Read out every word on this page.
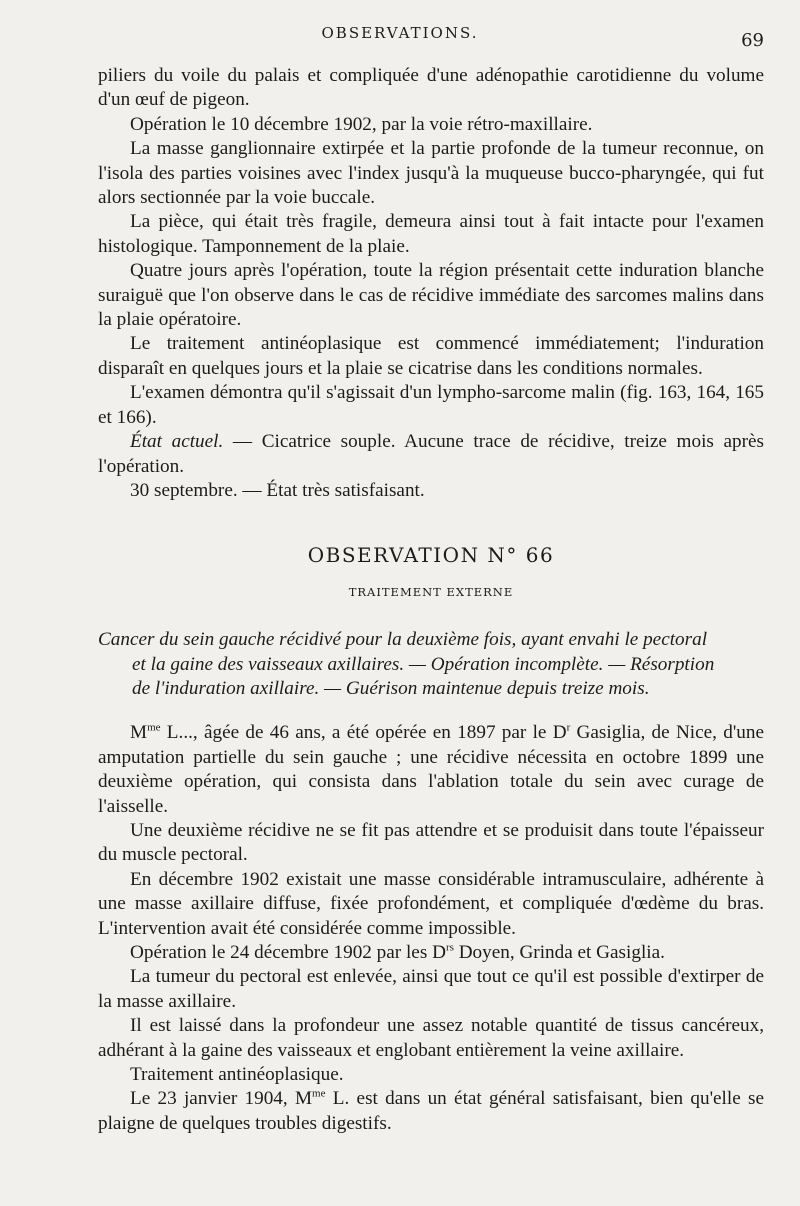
OBSERVATIONS.	69

piliers du voile du palais et compliquée d'une adénopathie carotidienne du volume d'un œuf de pigeon.

Opération le 10 décembre 1902, par la voie rétro-maxillaire.

La masse ganglionnaire extirpée et la partie profonde de la tumeur reconnue, on l'isola des parties voisines avec l'index jusqu'à la muqueuse bucco-pharyngée, qui fut alors sectionnée par la voie buccale.

La pièce, qui était très fragile, demeura ainsi tout à fait intacte pour l'examen histologique. Tamponnement de la plaie.

Quatre jours après l'opération, toute la région présentait cette induration blanche suraiguë que l'on observe dans le cas de récidive immédiate des sarcomes malins dans la plaie opératoire.

Le traitement antinéoplasique est commencé immédiatement; l'induration disparaît en quelques jours et la plaie se cicatrise dans les conditions normales.

L'examen démontra qu'il s'agissait d'un lympho-sarcome malin (fig. 163, 164, 165 et 166).

État actuel. — Cicatrice souple. Aucune trace de récidive, treize mois après l'opération.

30 septembre. — État très satisfaisant.

OBSERVATION N° 66

TRAITEMENT EXTERNE

Cancer du sein gauche récidivé pour la deuxième fois, ayant envahi le pectoral

et la gaine des vaisseaux axillaires. — Opération incomplète. — Résorption

de l'induration axillaire. — Guérison maintenue depuis treize mois.

$M^{me}$ L..., âgée de 46 ans, a été opérée en 1897 par le $D^r$ Gasiglia, de Nice, d'une amputation partielle du sein gauche ; une récidive nécessita en octobre 1899 une deuxième opération, qui consista dans l'ablation totale du sein avec curage de l'aisselle.

Une deuxième récidive ne se fit pas attendre et se produisit dans toute l'épaisseur du muscle pectoral.

En décembre 1902 existait une masse considérable intramusculaire, adhérente à une masse axillaire diffuse, fixée profondément, et compliquée d'œdème du bras. L'intervention avait été considérée comme impossible.

Opération le 24 décembre 1902 par les $D^{rs}$ Doyen, Grinda et Gasiglia.

La tumeur du pectoral est enlevée, ainsi que tout ce qu'il est possible d'extirper de la masse axillaire.

Il est laissé dans la profondeur une assez notable quantité de tissus cancéreux, adhérant à la gaine des vaisseaux et englobant entièrement la veine axillaire.

Traitement antinéoplasique.

Le 23 janvier 1904, $M^{me}$ L. est dans un état général satisfaisant, bien qu'elle se plaigne de quelques troubles digestifs.
